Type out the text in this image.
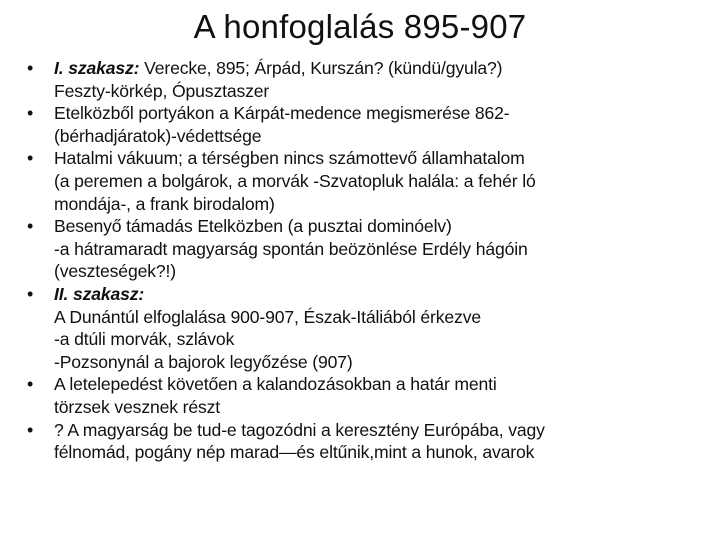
A honfoglalás 895-907
•	I. szakasz: Verecke, 895; Árpád, Kurszán? (kündü/gyula?)
Feszty-körkép, Ópusztaszer
•	Etelközből portyákon a Kárpát-medence megismerése 862-
(bérhadjáratok)-védettsége
•	Hatalmi vákuum; a térségben nincs számottevő államhatalom
(a peremen a bolgárok, a morvák -Szvatopluk halála: a fehér ló
mondája-, a frank birodalom)
•	Besenyő támadás Etelközben (a pusztai dominóelv)
-a hátramaradt magyarság spontán beözönlése Erdély hágóin
(veszteségek?!)
•	II. szakasz:
A Dunántúl elfoglalása 900-907, Észak-Itáliából érkezve
-a dtúli morvák, szlávok
-Pozsonynál a bajorok legyőzése (907)
•	A letelepedést követően a kalandozásokban a határ menti
törzsek vesznek részt
•	? A magyarság be tud-e tagozódni a keresztény Európába, vagy
félnomád, pogány nép marad—és eltűnik,mint a hunok, avarok
